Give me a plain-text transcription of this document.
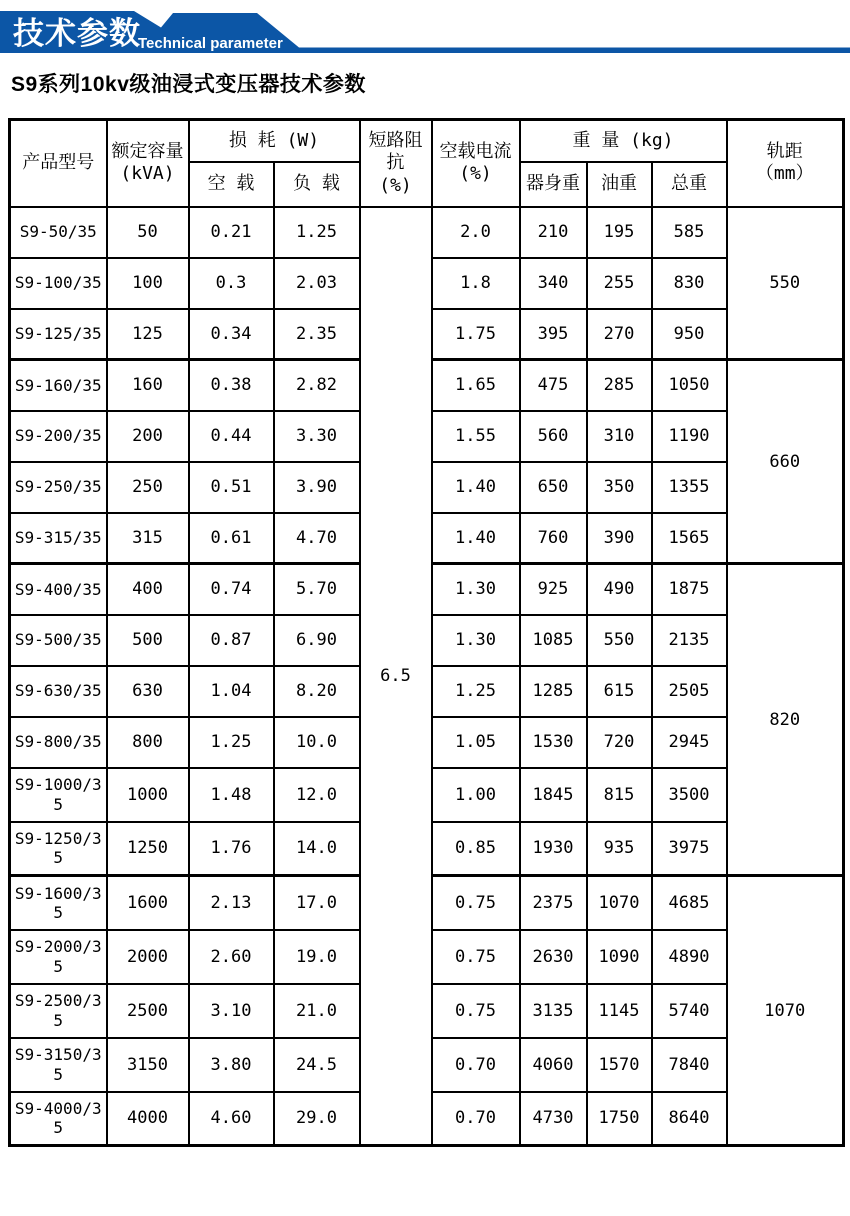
技术参数
Technical parameter
S9系列10kv级油浸式变压器技术参数
产品型号	额定容量
(kVA)	损 耗 (W)		短路阻
抗
(%)	空载电流
(%)	重 量 (kg)			轨距
（mm）

		空 载	负 载			器身重	油重	总重	
S9-50/35	50	0.21	1.25	6.5	2.0	210	195	585	550
S9-100/35	100	0.3	2.03		1.8	340	255	830	
S9-125/35	125	0.34	2.35		1.75	395	270	950	
S9-160/35	160	0.38	2.82		1.65	475	285	1050	660
S9-200/35	200	0.44	3.30		1.55	560	310	1190	
S9-250/35	250	0.51	3.90		1.40	650	350	1355	
S9-315/35	315	0.61	4.70		1.40	760	390	1565	
S9-400/35	400	0.74	5.70		1.30	925	490	1875	820
S9-500/35	500	0.87	6.90		1.30	1085	550	2135	
S9-630/35	630	1.04	8.20		1.25	1285	615	2505	
S9-800/35	800	1.25	10.0		1.05	1530	720	2945	
S9-1000/35	1000	1.48	12.0		1.00	1845	815	3500	
S9-1250/35	1250	1.76	14.0		0.85	1930	935	3975	
S9-1600/35	1600	2.13	17.0		0.75	2375	1070	4685	1070
S9-2000/35	2000	2.60	19.0		0.75	2630	1090	4890	
S9-2500/35	2500	3.10	21.0		0.75	3135	1145	5740	
S9-3150/35	3150	3.80	24.5		0.70	4060	1570	7840	
S9-4000/35	4000	4.60	29.0		0.70	4730	1750	8640	
